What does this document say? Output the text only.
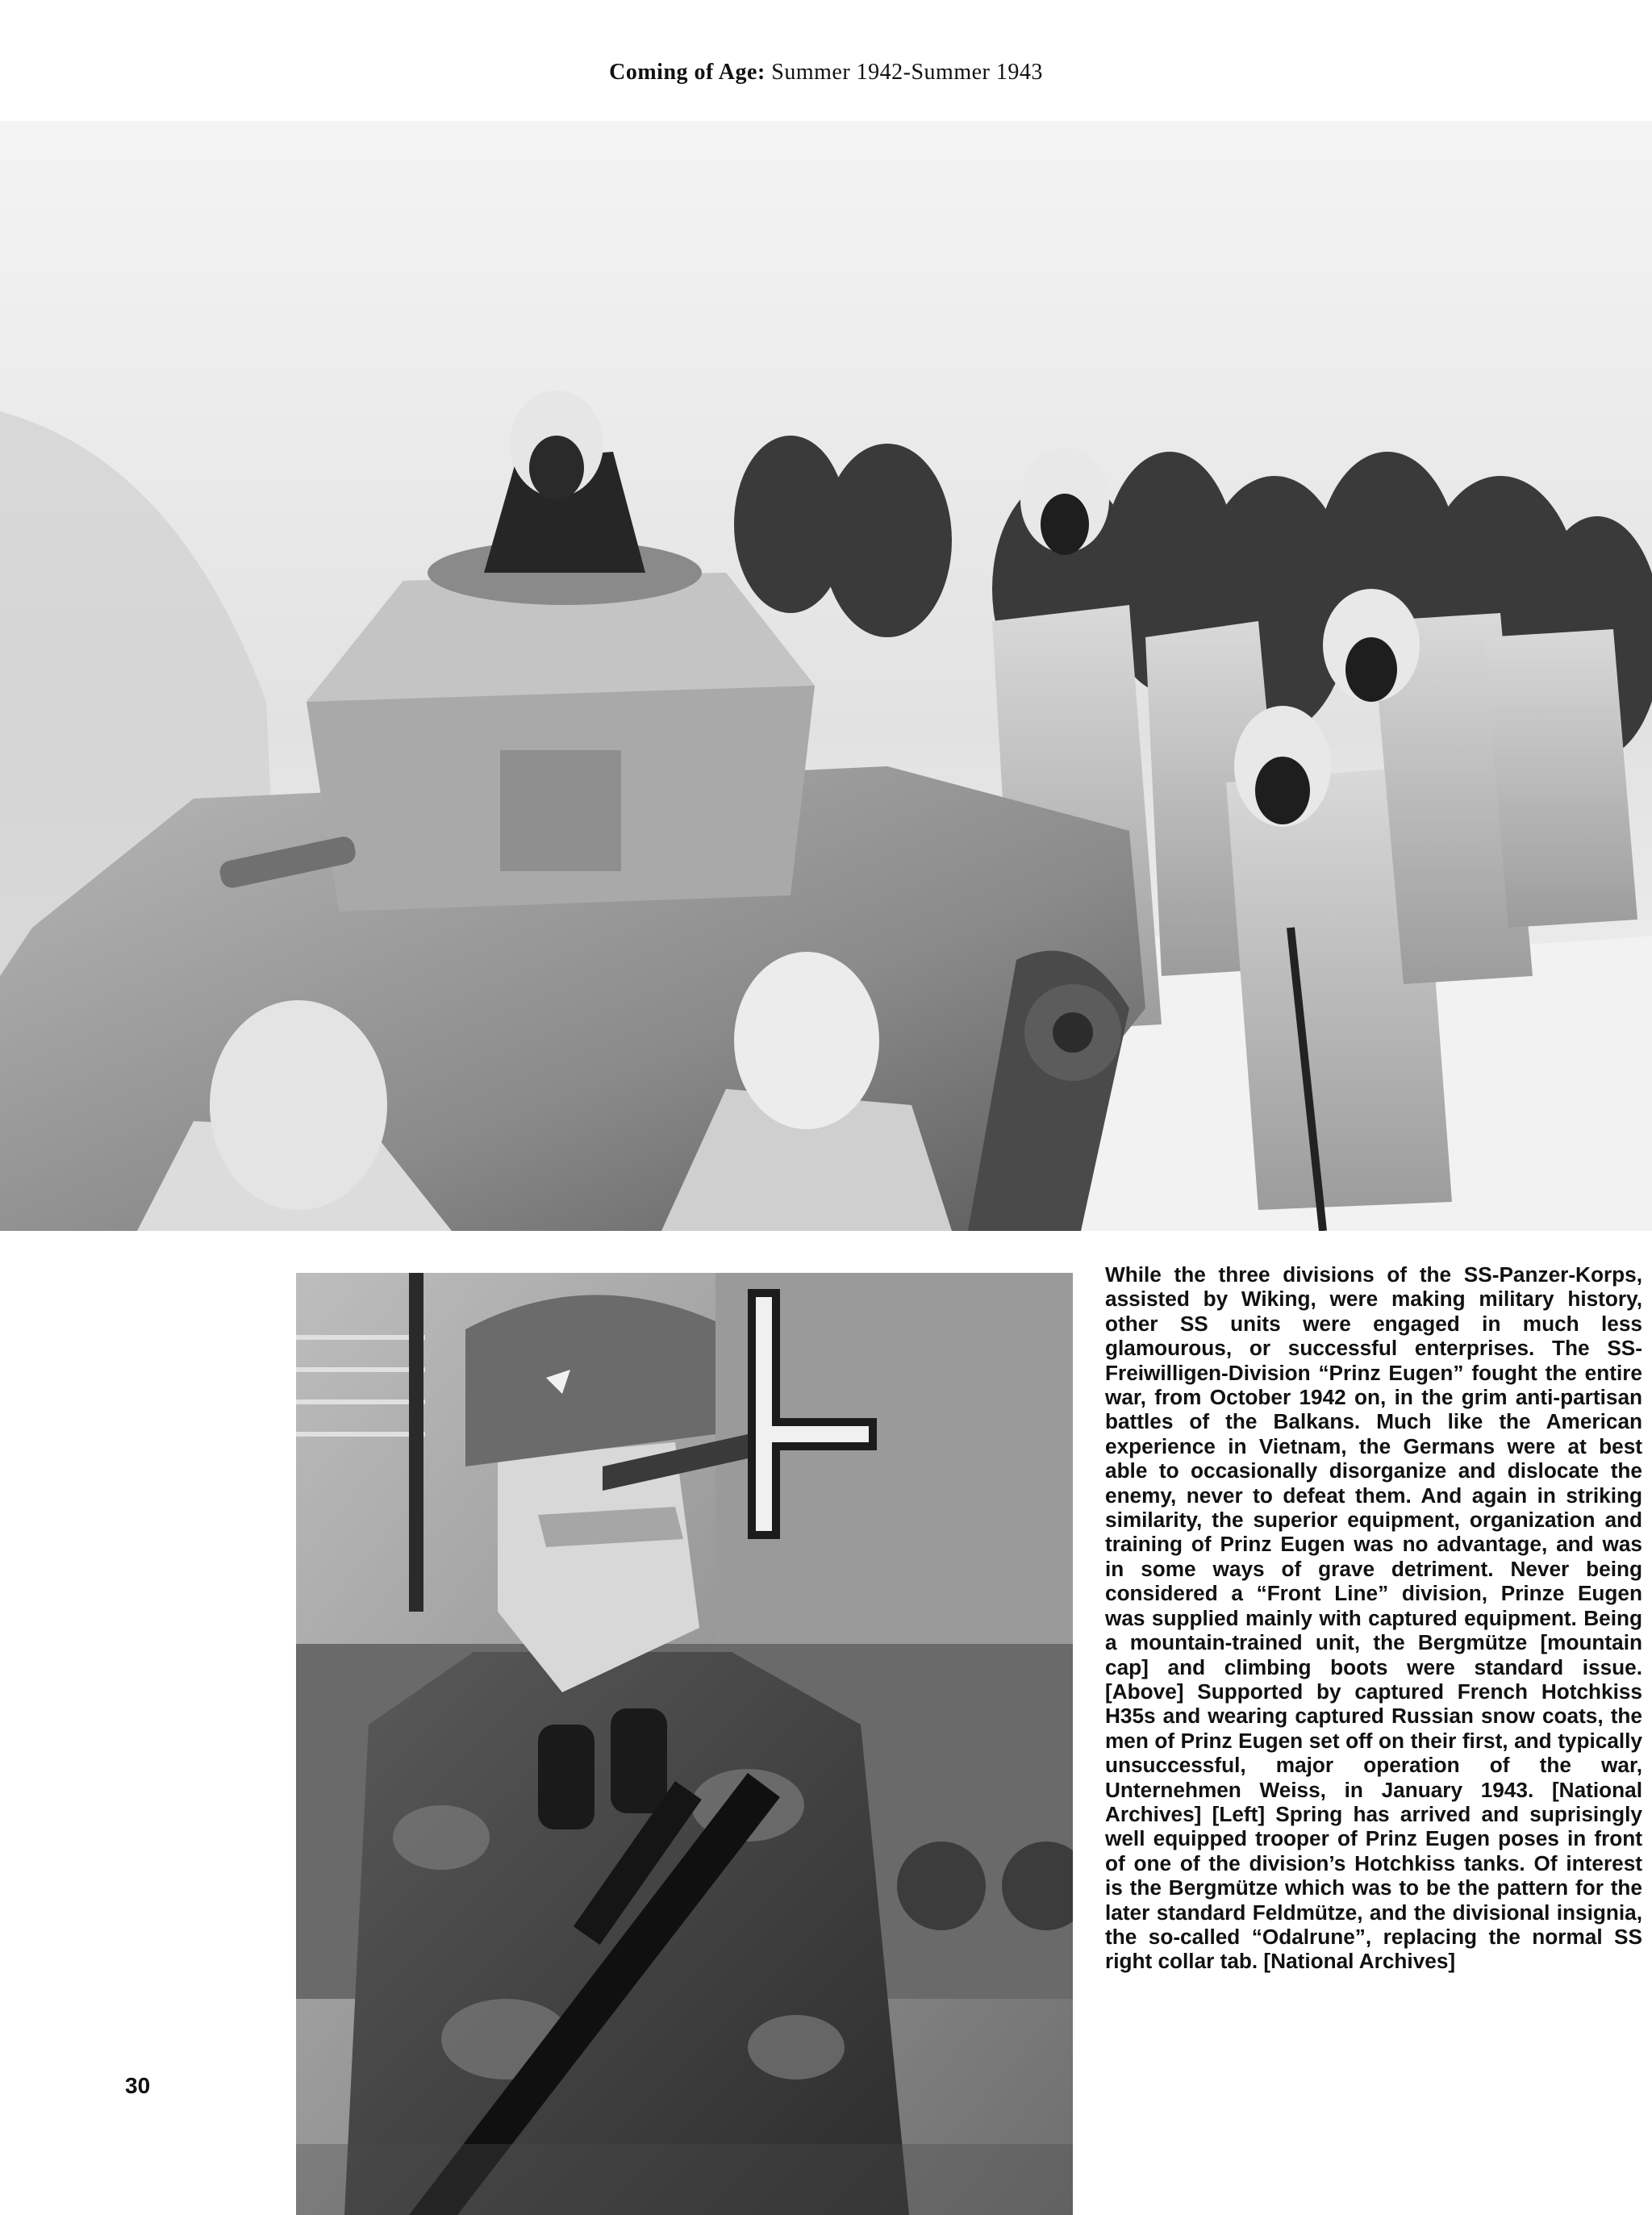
Coming of Age: Summer 1942-Summer 1943
While the three divisions of the SS-Panzer-Korps, assisted by Wiking, were making military history, other SS units were engaged in much less glamourous, or successful enterprises. The SS-Freiwilligen-Division “Prinz Eugen” fought the entire war, from October 1942 on, in the grim anti-partisan battles of the Balkans. Much like the American experience in Vietnam, the Germans were at best able to occasionally disorganize and dislocate the enemy, never to defeat them. And again in striking similarity, the superior equipment, organization and training of Prinz Eugen was no advantage, and was in some ways of grave detriment. Never being considered a “Front Line” division, Prinze Eugen was supplied mainly with captured equipment. Being a mountain-trained unit, the Bergmütze [mountain cap] and climbing boots were standard issue. [Above] Supported by captured French Hotchkiss H35s and wearing captured Russian snow coats, the men of Prinz Eugen set off on their first, and typically unsuccessful, major operation of the war, Unternehmen Weiss, in January 1943. [National Archives] [Left] Spring has arrived and suprisingly well equipped trooper of Prinz Eugen poses in front of one of the division’s Hotchkiss tanks. Of interest is the Bergmütze which was to be the pattern for the later standard Feldmütze, and the divisional insignia, the so-called “Odalrune”, replacing the normal SS right collar tab. [National Archives]
30
